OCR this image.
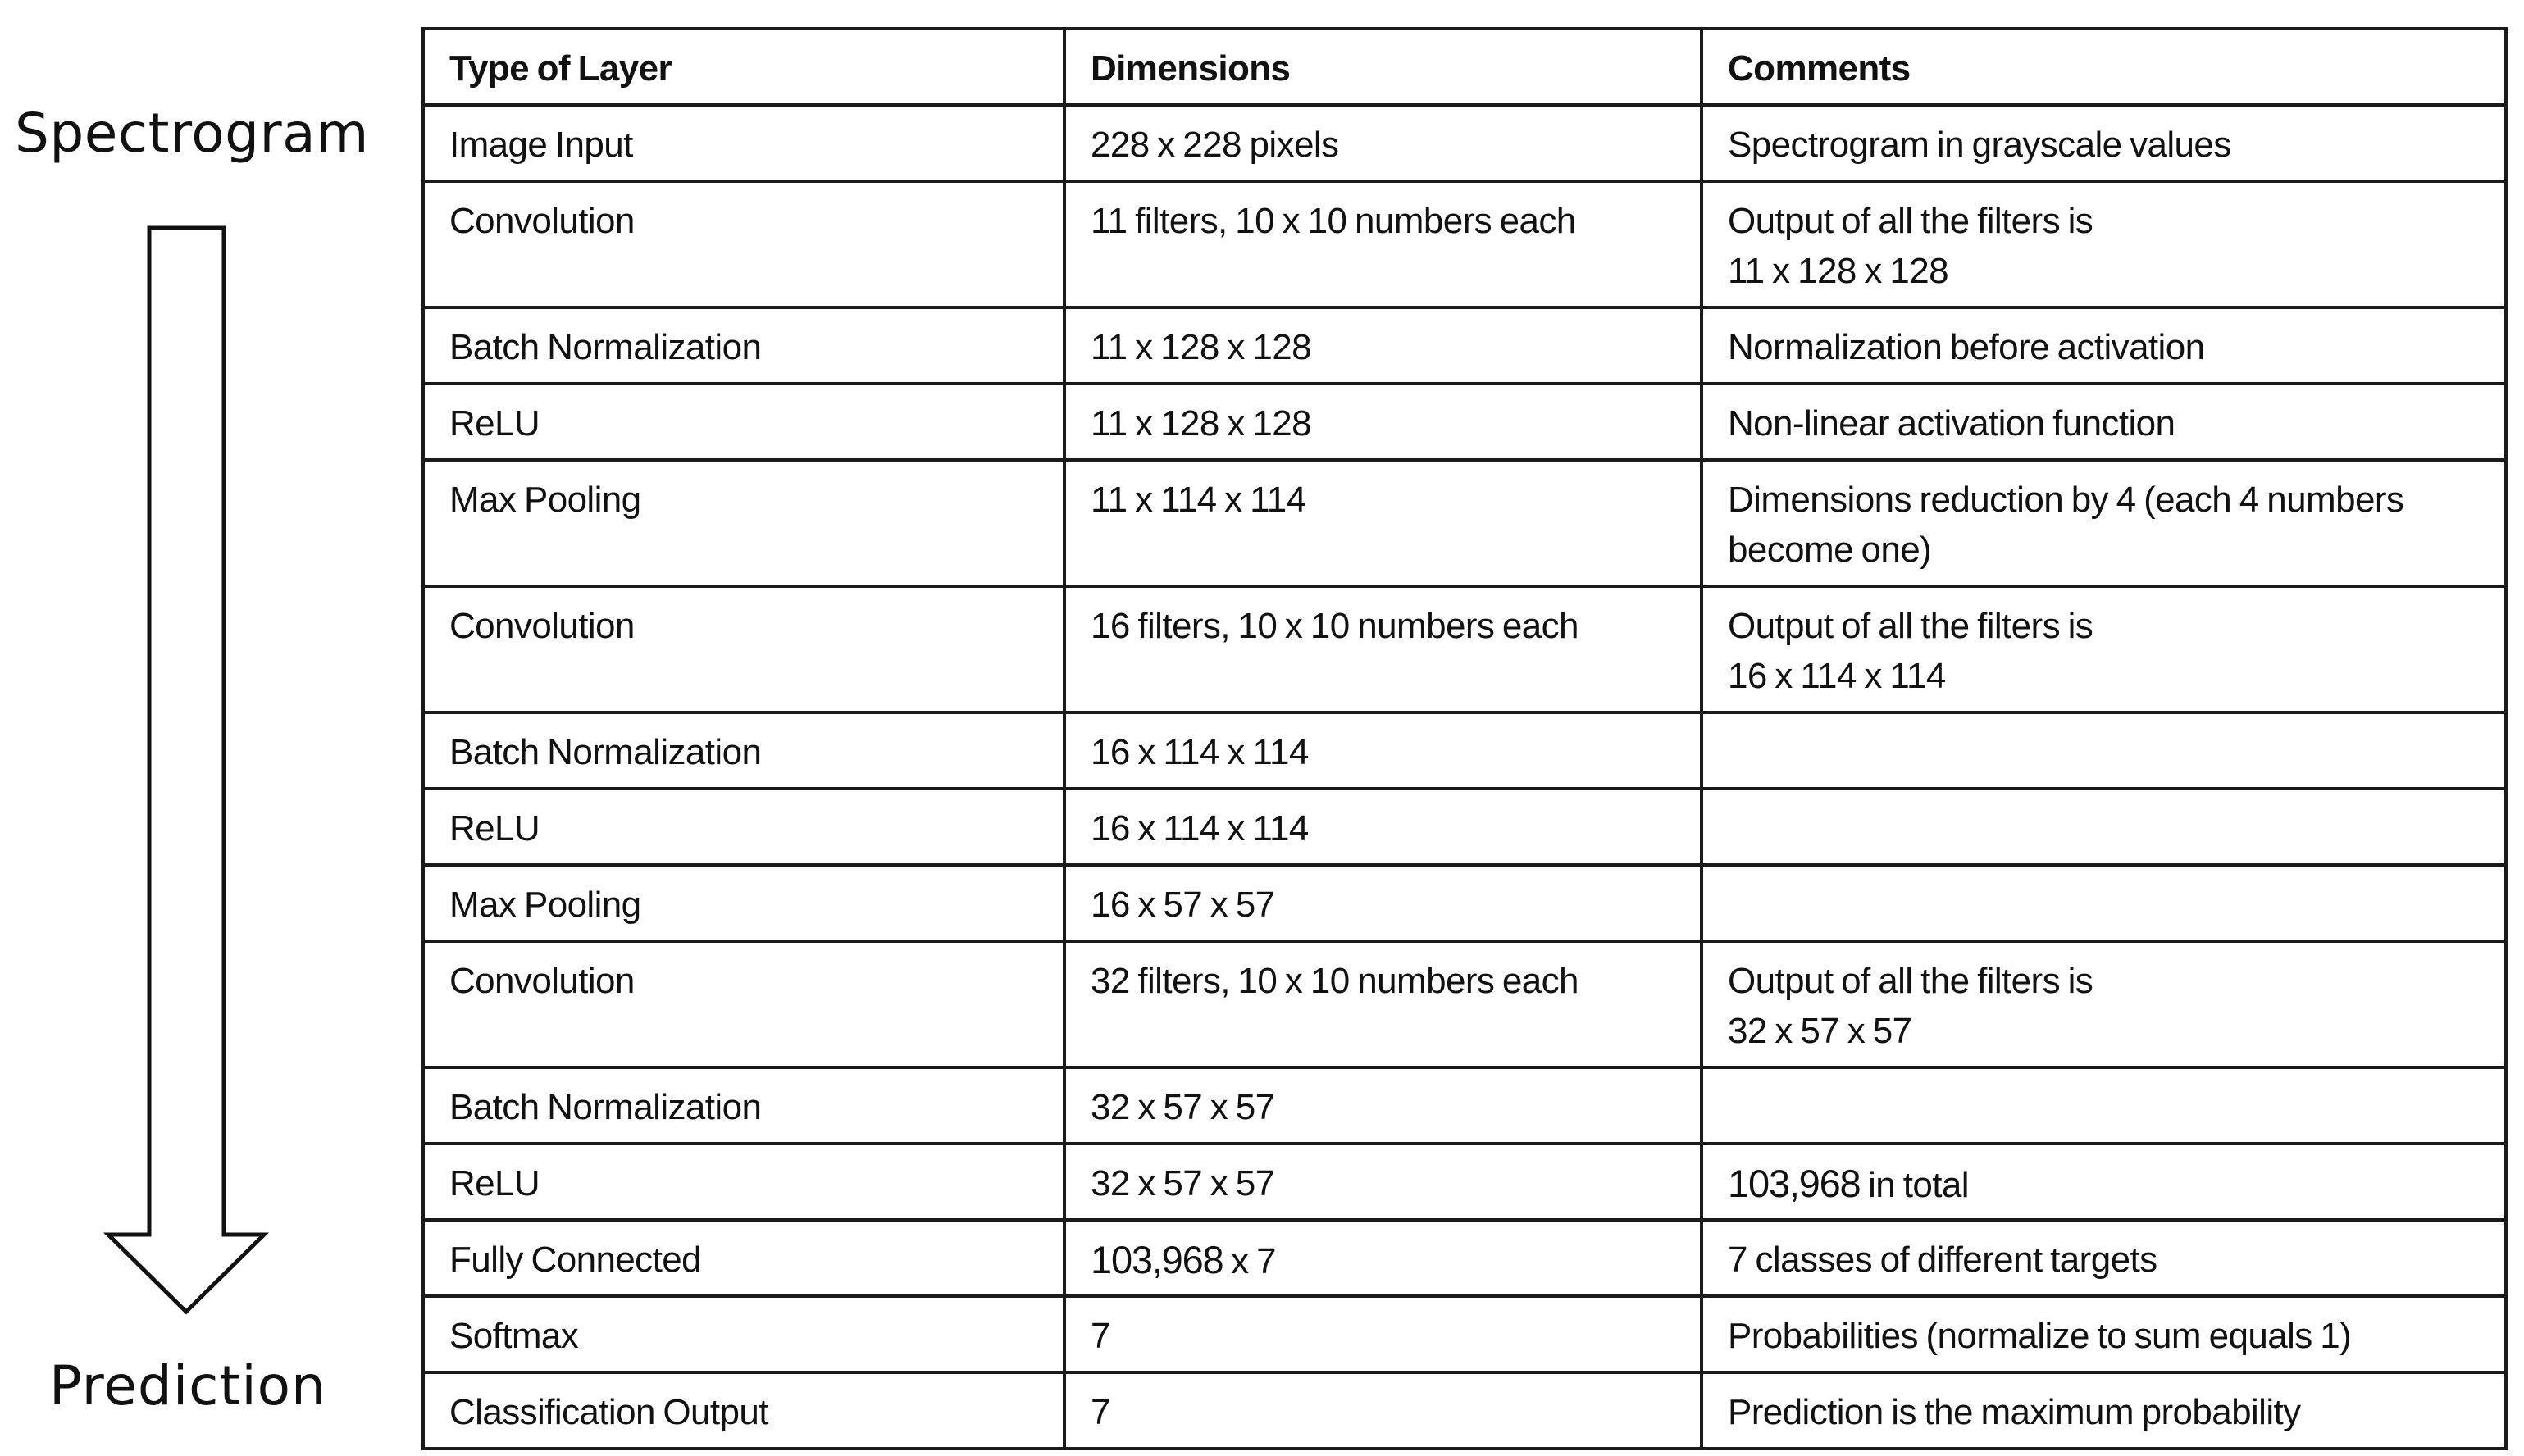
Spectrogram
Prediction
Type of Layer	Dimensions	Comments
Image Input	228 x 228 pixels	Spectrogram in grayscale values

Convolution	11 filters, 10 x 10 numbers each	Output of all the filters is
11 x 128 x 128

Batch Normalization	11 x 128 x 128	Normalization before activation

ReLU	11 x 128 x 128	Non-linear activation function

Max Pooling	11 x 114 x 114	Dimensions reduction by 4 (each 4 numbers
become one)

Convolution	16 filters, 10 x 10 numbers each	Output of all the filters is
16 x 114 x 114

Batch Normalization	16 x 114 x 114	
ReLU	16 x 114 x 114	
Max Pooling	16 x 57 x 57	
Convolution	32 filters, 10 x 10 numbers each	Output of all the filters is
32 x 57 x 57

Batch Normalization	32 x 57 x 57	
ReLU	32 x 57 x 57	103,968 in total
Fully Connected	103,968 x 7	7 classes of different targets

Softmax	7	Probabilities (normalize to sum equals 1)

Classification Output	7	Prediction is the maximum probability
